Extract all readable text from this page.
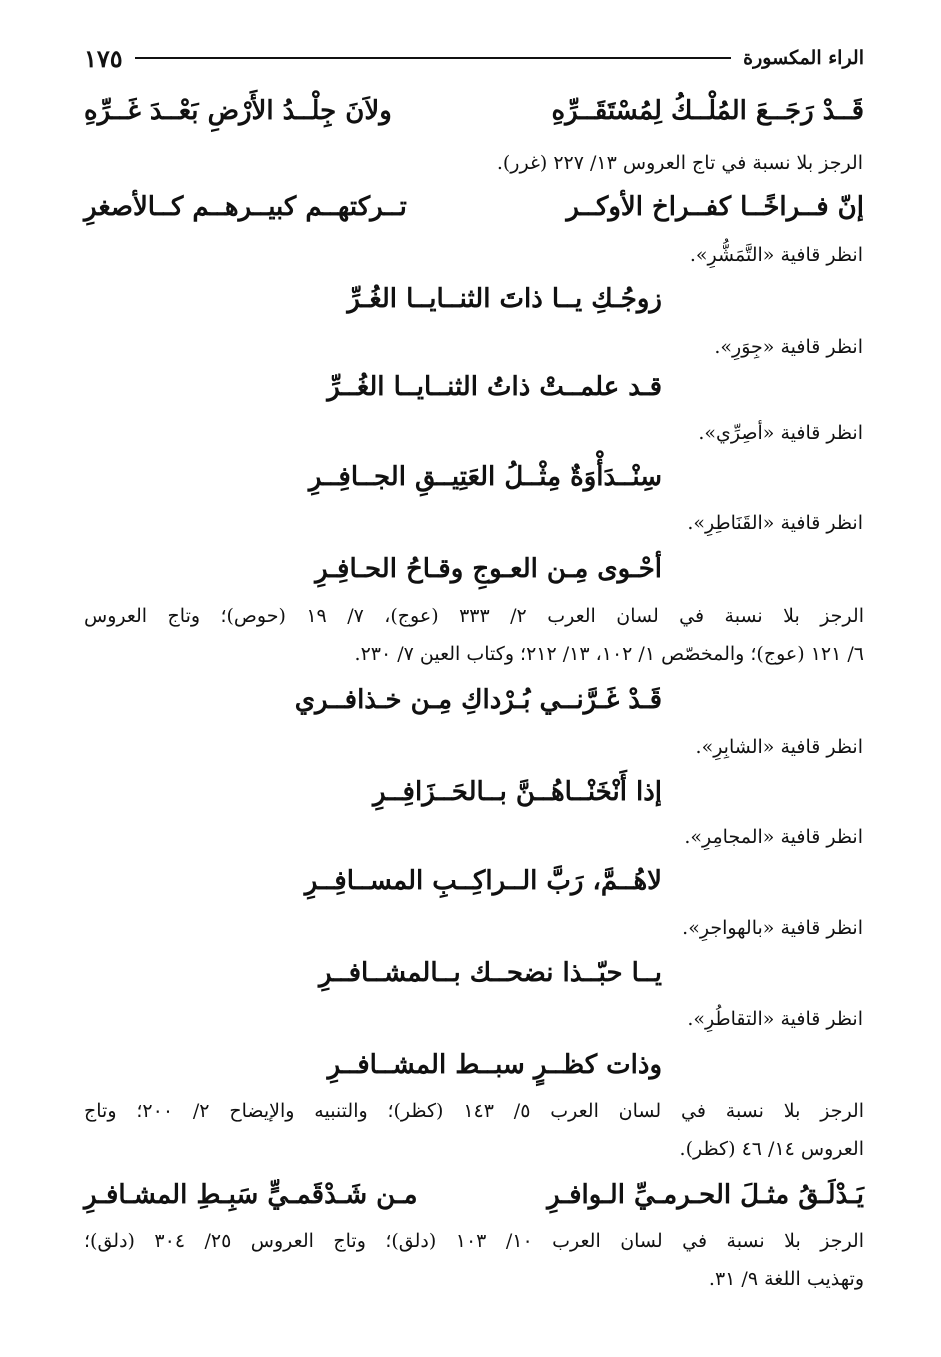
الراء المكسورة
١٧٥
قَــدْ رَجَــعَ المُلْــكُ لِمُسْتَقَــرِّهِ
ولاَنَ جِلْــدُ الأَرْضِ بَعْــدَ غَــرِّهِ
الرجز بلا نسبة في تاج العروس ١٣/ ٢٢٧ (غرر).
إنّ فــراخًــا كفــراخ الأوكــر
تــركتهــم كبيــرهــم كــالأصغرِ
انظر قافية «التَّمَشُّرِ».
زوجُـكِ يــا ذاتَ الثنــايــا الغُـرِّ
انظر قافية «جِوَرِ».
قـد علمــتْ ذاتُ الثنــايــا الغُــرِّ
انظر قافية «أصِرِّي».
سِنْــدَأْوَةٌ مِثْــلُ العَتِيــقِ الجــافِــرِ
انظر قافية «القَنَاطِرِ».
أحْـوى مِـن العـوجِ وقـاحُ الحـافِـرِ
الرجز بلا نسبة في لسان العرب ٢/ ٣٣٣ (عوج)، ٧/ ١٩ (حوص)؛ وتاج العروس
٦/ ١٢١ (عوج)؛ والمخصّص ١/ ١٠٢، ١٣/ ٢١٢؛ وكتاب العين ٧/ ٢٣٠.
قَـدْ غَـرَّنــي بُـرْداكِ مِـن خـذافــري
انظر قافية «الشابِرِ».
إذا أَنْخَنْــاهُــنَّ بــالحَــزَافِــرِ
انظر قافية «المجامِرِ».
لاهُــمَّ، رَبَّ الــراكِــبِ المســافِــرِ
انظر قافية «بالهواجرِ».
يــا حبّــذا نضحــك بــالمشــافــرِ
انظر قافية «التقاطُرِ».
وذات كظــرٍ سبــط المشــافــرِ
الرجز بلا نسبة في لسان العرب ٥/ ١٤٣ (كظر)؛ والتنبيه والإيضاح ٢/ ٢٠٠؛ وتاج
العروس ١٤/ ٤٦ (كظر).
يَـدْلَـقُ مثـلَ الحـرمـيِّ الـوافـرِ
مـن شَـدْقَمـيٍّ سَبِـطِ المشـافـرِ
الرجز بلا نسبة في لسان العرب ١٠/ ١٠٣ (دلق)؛ وتاج العروس ٢٥/ ٣٠٤ (دلق)؛
وتهذيب اللغة ٩/ ٣١.
